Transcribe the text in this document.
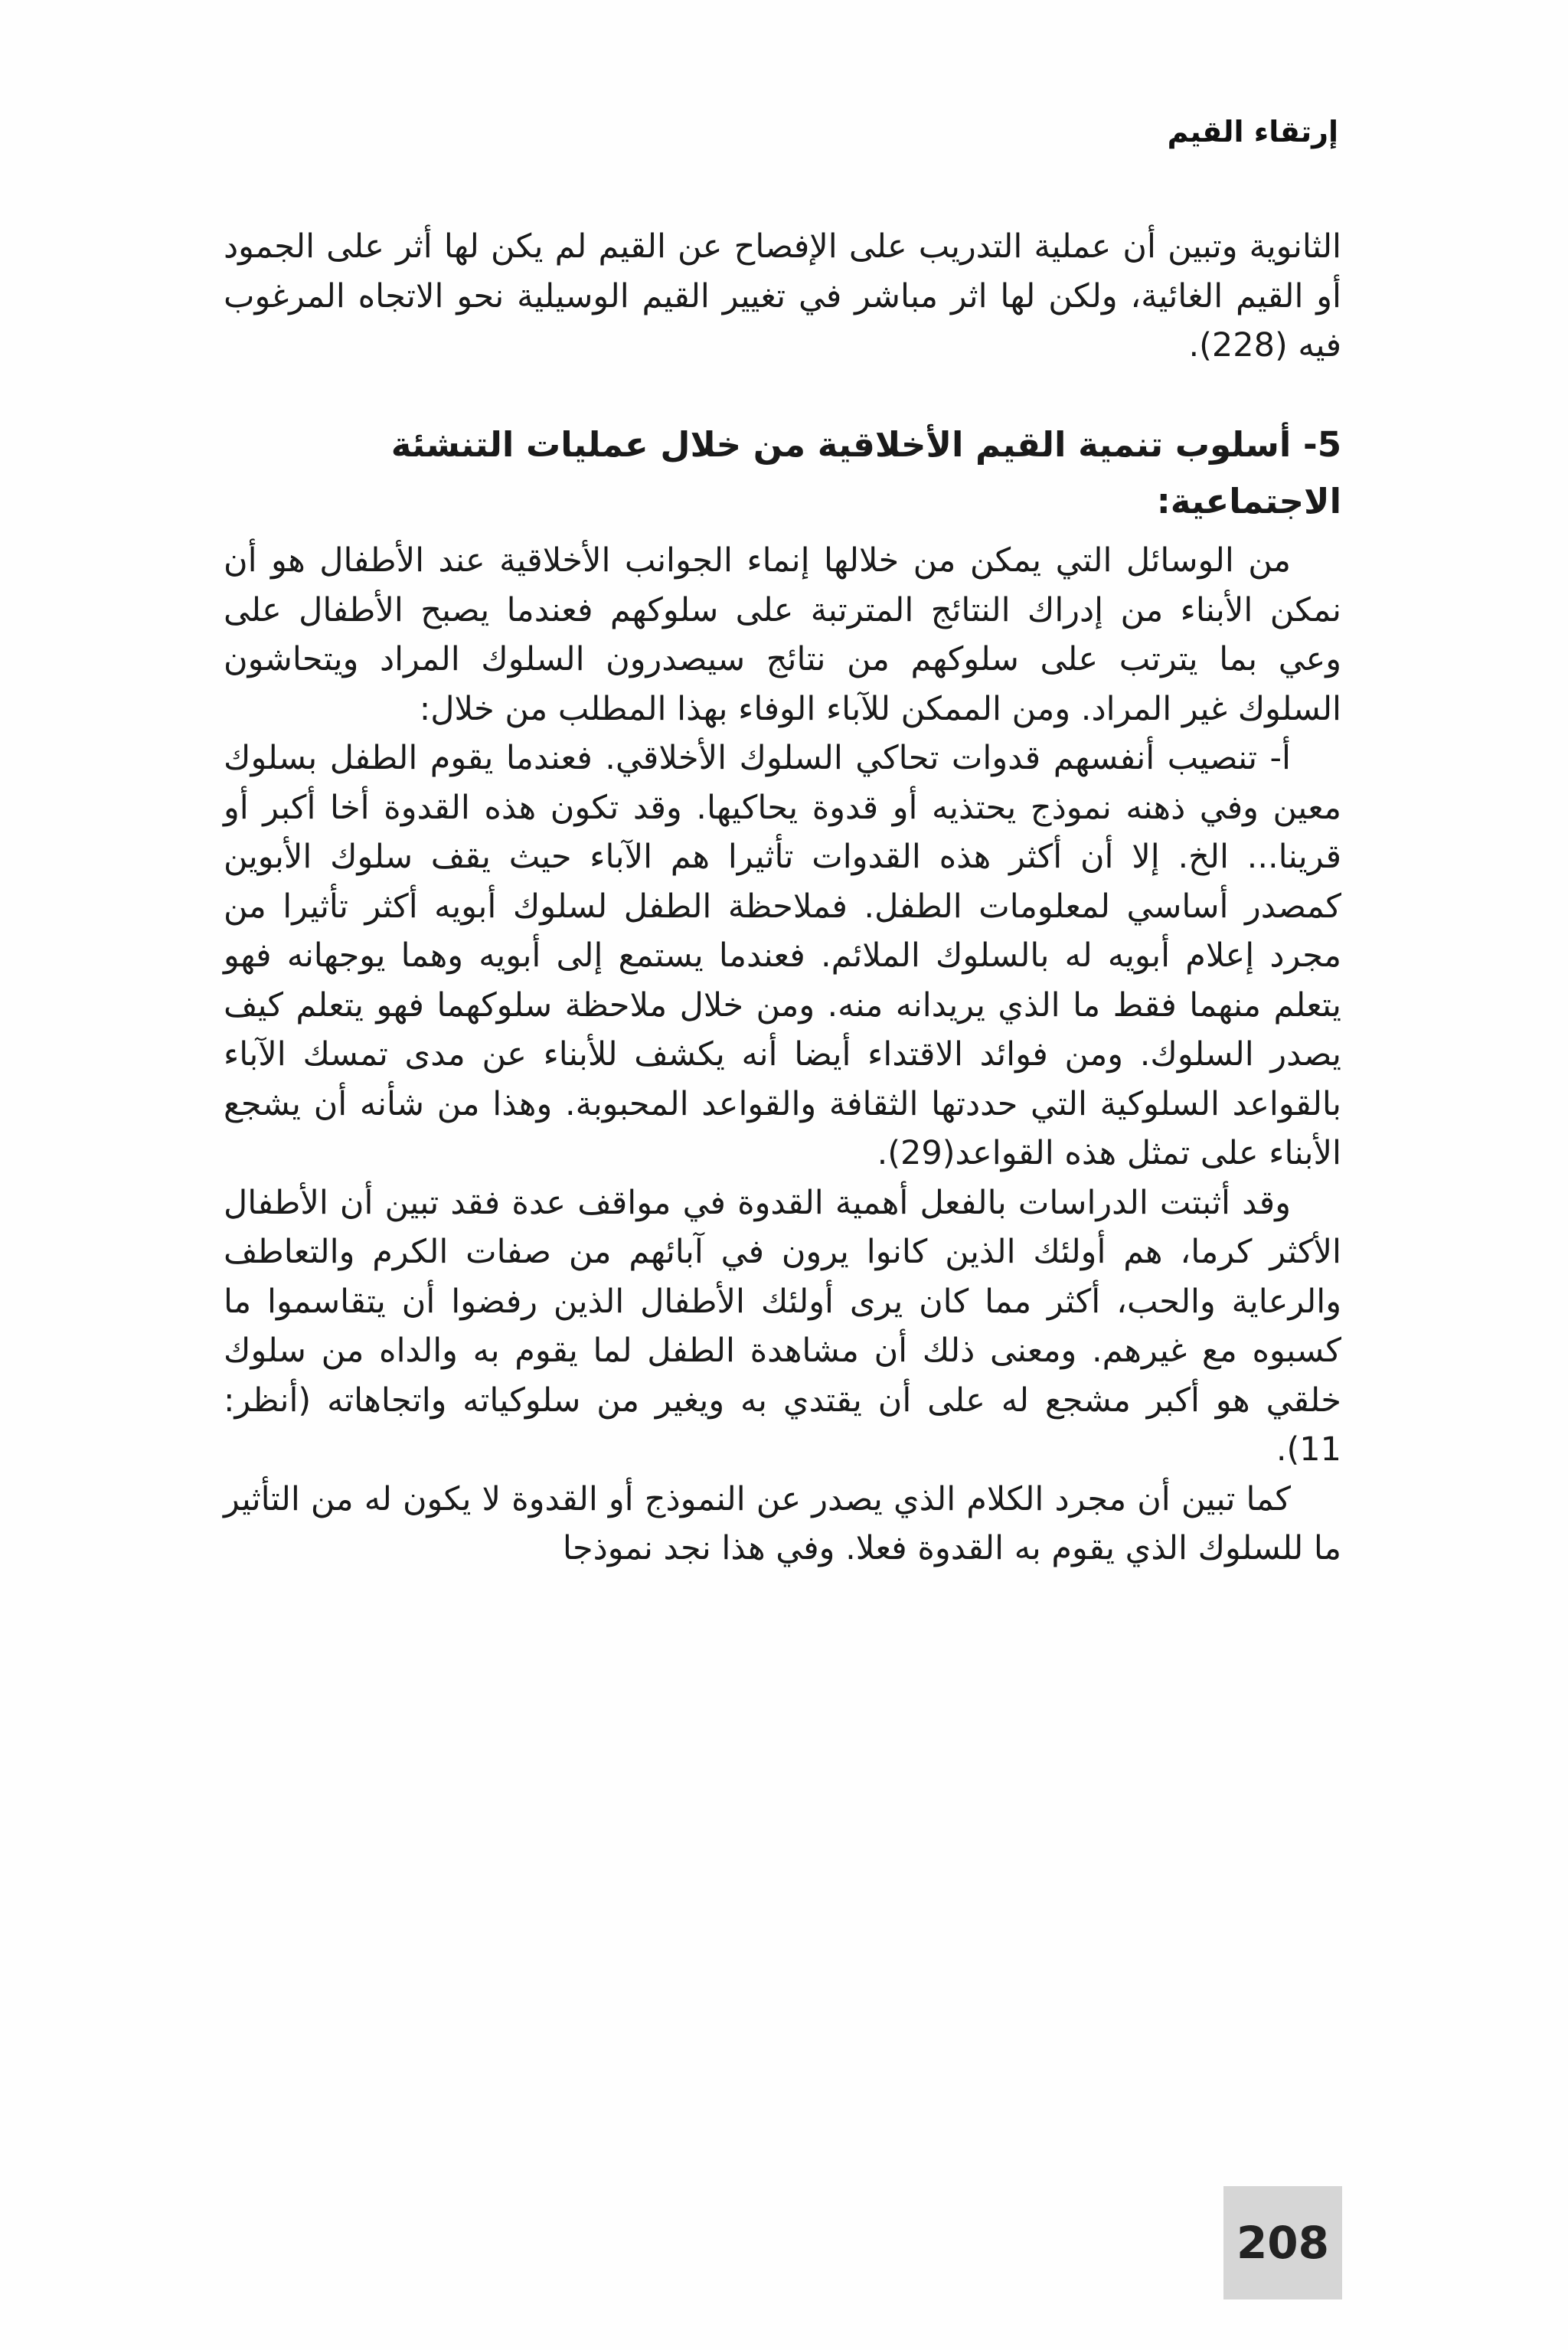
إرتقاء القيم

الثانوية وتبين أن عملية التدريب على الإفصاح عن القيم لم يكن لها أثر على الجمود أو القيم الغائية، ولكن لها اثر مباشر في تغيير القيم الوسيلية نحو الاتجاه المرغوب فيه (228).

5- أسلوب تنمية القيم الأخلاقية من خلال عمليات التنشئة الاجتماعية:

من الوسائل التي يمكن من خلالها إنماء الجوانب الأخلاقية عند الأطفال هو أن نمكن الأبناء من إدراك النتائج المترتبة على سلوكهم فعندما يصبح الأطفال على وعي بما يترتب على سلوكهم من نتائج سيصدرون السلوك المراد ويتحاشون السلوك غير المراد. ومن الممكن للآباء الوفاء بهذا المطلب من خلال:

أ- تنصيب أنفسهم قدوات تحاكي السلوك الأخلاقي. فعندما يقوم الطفل بسلوك معين وفي ذهنه نموذج يحتذيه أو قدوة يحاكيها. وقد تكون هذه القدوة أخا أكبر أو قرينا... الخ. إلا أن أكثر هذه القدوات تأثيرا هم الآباء حيث يقف سلوك الأبوين كمصدر أساسي لمعلومات الطفل. فملاحظة الطفل لسلوك أبويه أكثر تأثيرا من مجرد إعلام أبويه له بالسلوك الملائم. فعندما يستمع إلى أبويه وهما يوجهانه فهو يتعلم منهما فقط ما الذي يريدانه منه. ومن خلال ملاحظة سلوكهما فهو يتعلم كيف يصدر السلوك. ومن فوائد الاقتداء أيضا أنه يكشف للأبناء عن مدى تمسك الآباء بالقواعد السلوكية التي حددتها الثقافة والقواعد المحبوبة. وهذا من شأنه أن يشجع الأبناء على تمثل هذه القواعد(29).

وقد أثبتت الدراسات بالفعل أهمية القدوة في مواقف عدة فقد تبين أن الأطفال الأكثر كرما، هم أولئك الذين كانوا يرون في آبائهم من صفات الكرم والتعاطف والرعاية والحب، أكثر مما كان يرى أولئك الأطفال الذين رفضوا أن يتقاسموا ما كسبوه مع غيرهم. ومعنى ذلك أن مشاهدة الطفل لما يقوم به والداه من سلوك خلقي هو أكبر مشجع له على أن يقتدي به ويغير من سلوكياته واتجاهاته (أنظر: 11).

كما تبين أن مجرد الكلام الذي يصدر عن النموذج أو القدوة لا يكون له من التأثير ما للسلوك الذي يقوم به القدوة فعلا. وفي هذا نجد نموذجا

208
